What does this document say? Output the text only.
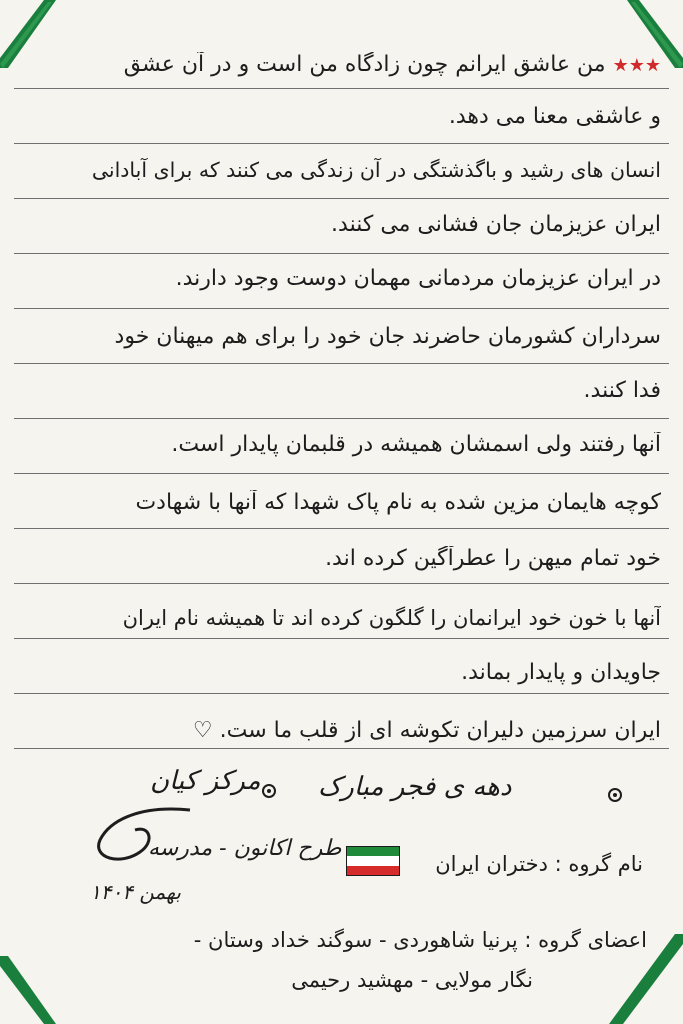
★★★ من عاشق ایرانم چون زادگاه من است و در آن عشق
و عاشقی معنا می دهد.
انسان های رشید و باگذشتگی در آن زندگی می کنند که برای آبادانی
ایران عزیزمان جان فشانی می کنند.
در ایران عزیزمان مردمانی مهمان دوست وجود دارند.
سرداران کشورمان حاضرند جان خود را برای هم میهنان خود
فدا کنند.
آنها رفتند ولی اسمشان همیشه در قلبمان پایدار است.
کوچه هایمان مزین شده به نام پاک شهدا که آنها با شهادت
خود تمام میهن را عطرآگین کرده اند.
آنها با خون خود ایرانمان را گلگون کرده اند تا همیشه نام ایران
جاویدان و پایدار بماند.
ایران سرزمین دلیران تکوشه ای از قلب ما ست. ♡
دهه ی فجر مبارک
مرکز کیان
نام گروه : دختران ایران
طرح اکانون - مدرسه
بهمن ۱۴۰۴
اعضای گروه : پرنیا شاهوردی - سوگند خداد وستان -
نگار مولایی - مهشید رحیمی
